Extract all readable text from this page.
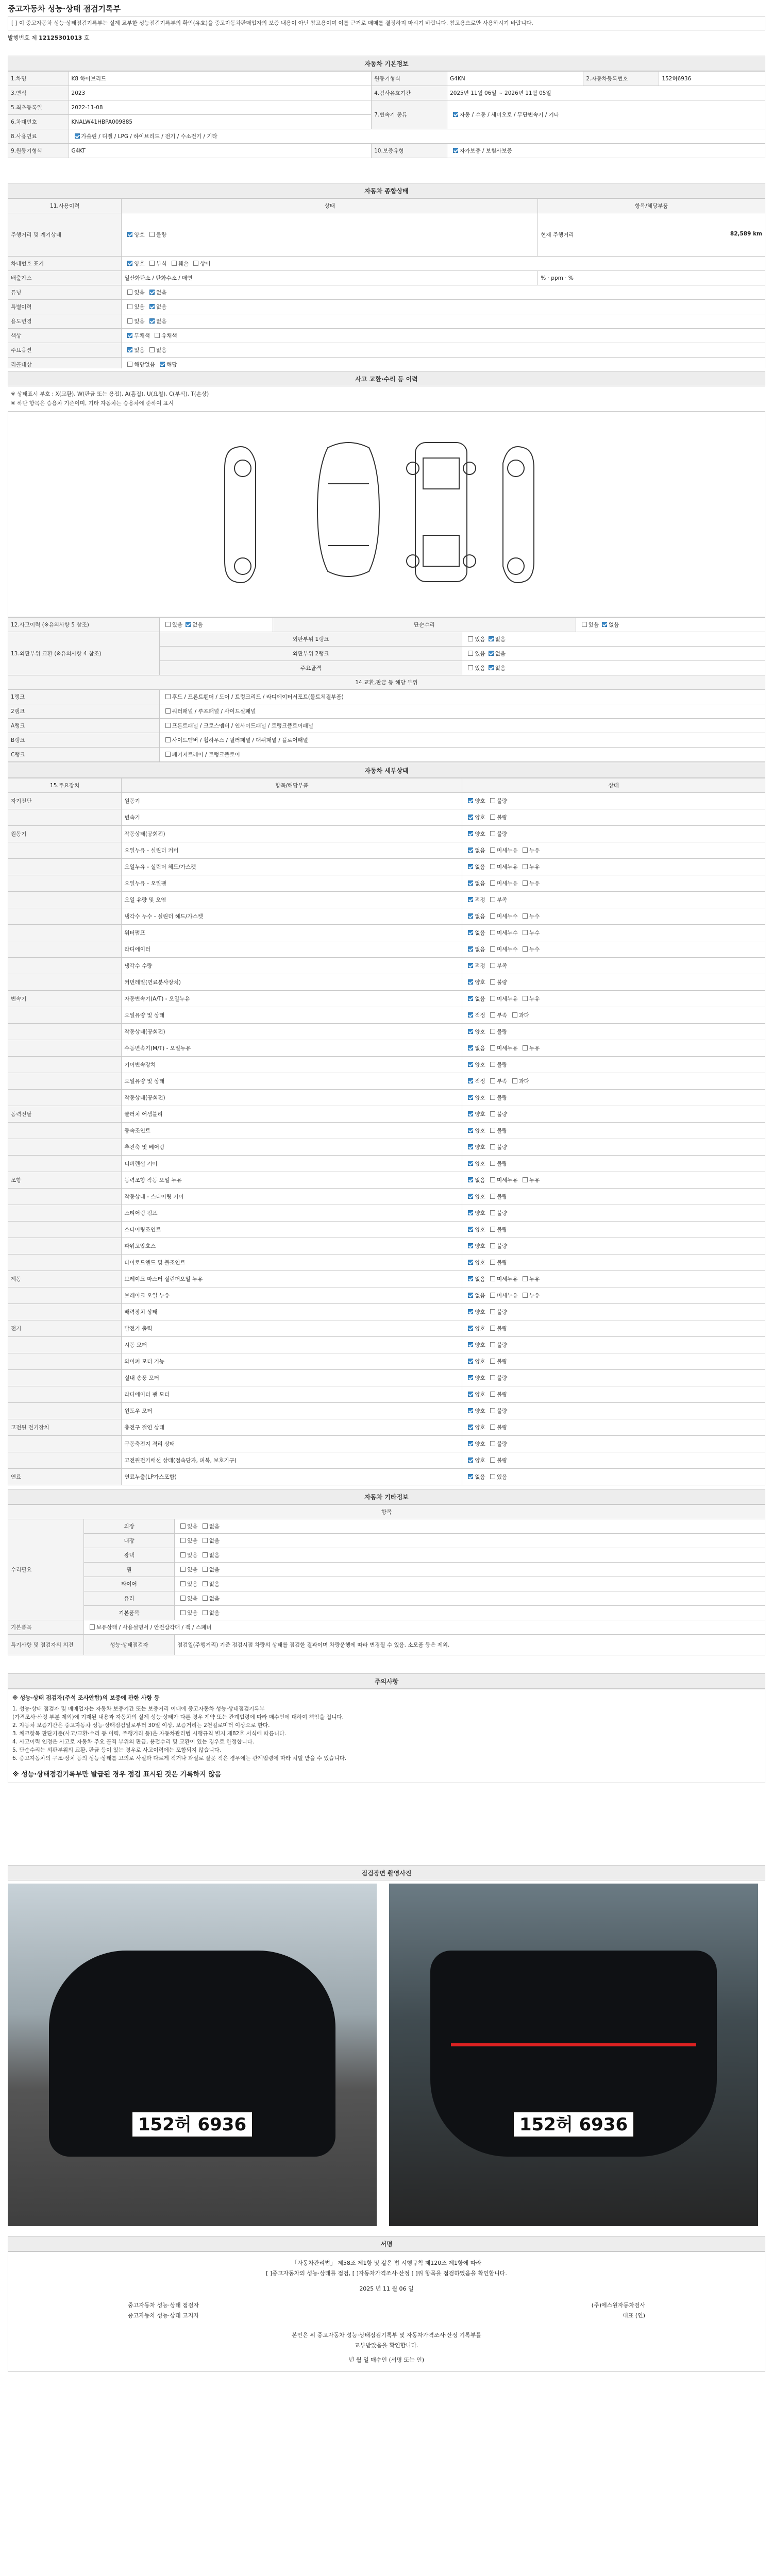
중고자동차 성능·상태 점검기록부
[ ] 이 중고자동차 성능·상태점검기록부는 실제 교부한 성능점검기록부의 확인(유효)을 중고자동차판매업자의 보증 내용이 아닌 참고용이며 이를 근거로 매매를 결정하지 마시기 바랍니다. 참고용으로만 사용하시기 바랍니다.
발행번호 제 12125301013 호
자동차 기본정보
1.차명	K8 하이브리드	원동기형식	G4KN	2.자동차등록번호	152허6936
3.연식	2023	4.검사유효기간	2025년 11월 06일 ~ 2026년 11월 05일		
5.최초등록일	2022-11-08	7.변속기 종류	자동 / 수동 / 세미오토 / 무단변속기 / 기타		
6.차대번호	KNALW41HBPA009885				
8.사용연료	가솔린 / 디젤 / LPG / 하이브리드 / 전기 / 수소전기 / 기타				
9.원동기형식	G4KT	10.보증유형	자가보증 / 보험사보증		
자동차 종합상태
11.사용이력	상태	항목/해당부품
주행거리 및 계기상태	양호 불량	현재 주행거리 82,589 km

차대번호 표기	양호 부식 훼손 상이	
배출가스	일산화탄소 / 탄화수소 / 매연	% · ppm · %
튜닝	있음 없음	
특별이력	있음 없음	
용도변경	있음 없음	
색상	무채색 유채색	
주요옵션	있음 없음	
리콜대상	해당없음 해당	
사고 교환·수리 등 이력
※ 상태표시 부호 : X(교환), W(판금 또는 용접), A(흠집), U(요철), C(부식), T(손상)
※ 하단 항목은 승용차 기준이며, 기타 자동차는 승용차에 준하여 표시
12.사고이력 (※유의사항 5 참조)	있음 없음	단순수리		있음 없음
13.외판부위 교환 (※유의사항 4 참조)	외판부위 1랭크		있음 없음	
	외판부위 2랭크		있음 없음	
	주요골격		있음 없음	
14.교환,판금 등 해당 부위				
1랭크	후드 / 프론트휀더 / 도어 / 트렁크리드 / 라디에이터서포트(볼트체결부품)			
2랭크	쿼터패널 / 루프패널 / 사이드실패널			
A랭크	프론트패널 / 크로스멤버 / 인사이드패널 / 트렁크플로어패널			
B랭크	사이드멤버 / 휠하우스 / 필러패널 / 대쉬패널 / 플로어패널			
C랭크	패키지트레이 / 트렁크플로어			
자동차 세부상태
15.주요장치	항목/해당부품	상태
자기진단	원동기	양호 불량
	변속기	양호 불량
원동기	작동상태(공회전)	양호 불량
	오일누유 - 실린더 커버	없음 미세누유 누유
	오일누유 - 실린더 헤드/가스켓	없음 미세누유 누유
	오일누유 - 오일팬	없음 미세누유 누유
	오일 유량 및 오염	적정 부족
	냉각수 누수 - 실린더 헤드/가스켓	없음 미세누수 누수
	워터펌프	없음 미세누수 누수
	라디에이터	없음 미세누수 누수
	냉각수 수량	적정 부족
	커먼레일(연료분사장치)	양호 불량
변속기	자동변속기(A/T) - 오일누유	없음 미세누유 누유
	오일유량 및 상태	적정 부족 과다
	작동상태(공회전)	양호 불량
	수동변속기(M/T) - 오일누유	없음 미세누유 누유
	기어변속장치	양호 불량
	오일유량 및 상태	적정 부족 과다
	작동상태(공회전)	양호 불량
동력전달	클러치 어셈블리	양호 불량
	등속조인트	양호 불량
	추진축 및 베어링	양호 불량
	디퍼렌셜 기어	양호 불량
조향	동력조향 작동 오일 누유	없음 미세누유 누유
	작동상태 - 스티어링 기어	양호 불량
	스티어링 펌프	양호 불량
	스티어링조인트	양호 불량
	파워고압호스	양호 불량
	타이로드엔드 및 볼조인트	양호 불량
제동	브레이크 마스터 실린더오일 누유	없음 미세누유 누유
	브레이크 오일 누유	없음 미세누유 누유
	배력장치 상태	양호 불량
전기	발전기 출력	양호 불량
	시동 모터	양호 불량
	와이퍼 모터 기능	양호 불량
	실내 송풍 모터	양호 불량
	라디에이터 팬 모터	양호 불량
	윈도우 모터	양호 불량
고전원 전기장치	충전구 절연 상태	양호 불량
	구동축전지 격리 상태	양호 불량
	고전원전기배선 상태(접속단자, 피복, 보호기구)	양호 불량
연료	연료누출(LP가스포함)	없음 있음
자동차 기타정보
항목		
수리필요	외장	있음 없음
	내장	있음 없음
	광택	있음 없음
	휠	있음 없음
	타이어	있음 없음
	유리	있음 없음
	기본품목	있음 없음
기본품목	보유상태 / 사용설명서 / 안전삼각대 / 잭 / 스패너	
특기사항 및 점검자의 의견	성능·상태점검자	점검일(주행거리) 기준 점검시점 차량의 상태를 점검한 결과이며 차량운행에 따라 변경될 수 있음. 소모품 등은 제외.
주의사항
※ 성능·상태 점검자(주석 조사안함)의 보증에 관한 사항 등
1. 성능·상태 점검자 및 매매업자는 자동차 보증기간 또는 보증거리 이내에 중고자동차 성능·상태점검기록부
(가격조사·산정 부분 제외)에 기재된 내용과 자동차의 실제 성능·상태가 다른 경우 계약 또는 관계법령에 따라 매수인에 대하여 책임을 집니다.
2. 자동차 보증기간은 중고자동차 성능·상태점검일로부터 30일 이상, 보증거리는 2천킬로미터 이상으로 한다.
3. 체크항목 판단기준(사고/교환·수리 등 이력, 주행거리 등)은 자동차관리법 시행규칙 별지 제82호 서식에 따릅니다.
4. 사고이력 인정은 사고로 자동차 주요 골격 부위의 판금, 용접수리 및 교환이 있는 경우로 한정합니다.
5. 단순수리는 외판부위의 교환, 판금 등이 있는 경우로 사고이력에는 포함되지 않습니다.
6. 중고자동차의 구조·장치 등의 성능·상태를 고의로 사실과 다르게 적거나 과실로 잘못 적은 경우에는 관계법령에 따라 처벌 받을 수 있습니다.
※ 성능·상태점검기록부만 발급된 경우 점검 표시된 것은 기록하지 않음
점검장면 촬영사진
152허 6936	152허 6936
서명
「자동차관리법」 제58조 제1항 및 같은 법 시행규칙 제120조 제1항에 따라
[ ]중고자동차의 성능·상태를 점검, [ ]자동차가격조사·산정 [ ]위 항목을 점검하였음을 확인합니다.
2025 년 11 월 06 일
중고자동차 성능·상태 점검자
중고자동차 성능·상태 고지자
(주)에스원자동차검사
대표 (인)
본인은 위 중고자동차 성능·상태점검기록부 및 자동차가격조사·산정 기록부를
교부받았음을 확인합니다.
년 월 일 매수인 (서명 또는 인)
